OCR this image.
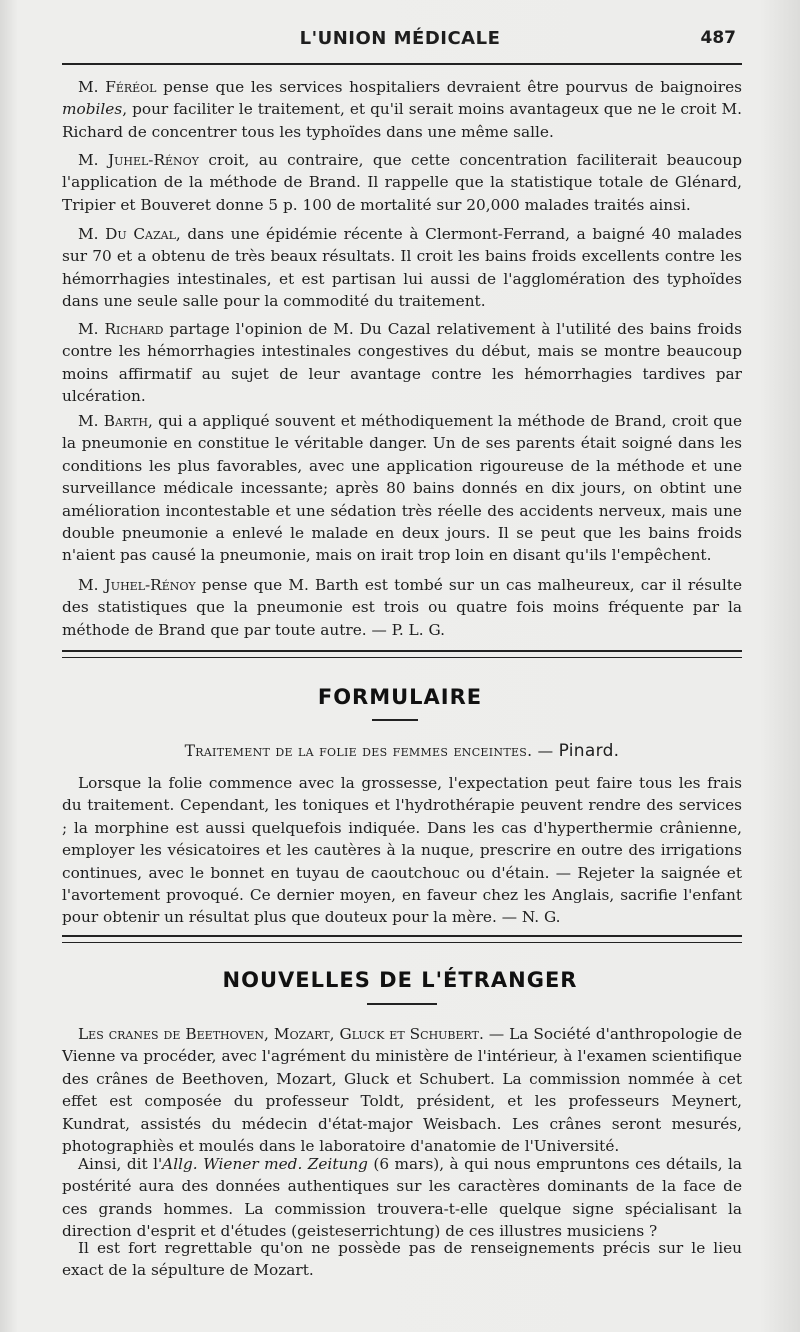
L'UNION MÉDICALE	487

M. Féréol pense que les services hospitaliers devraient être pourvus de baignoires mobiles, pour faciliter le traitement, et qu'il serait moins avantageux que ne le croit M. Richard de concentrer tous les typhoïdes dans une même salle.

M. Juhel-Rénoy croit, au contraire, que cette concentration faciliterait beaucoup l'application de la méthode de Brand. Il rappelle que la statistique totale de Glénard, Tripier et Bouveret donne 5 p. 100 de mortalité sur 20,000 malades traités ainsi.

M. Du Cazal, dans une épidémie récente à Clermont-Ferrand, a baigné 40 malades sur 70 et a obtenu de très beaux résultats. Il croit les bains froids excellents contre les hémorrhagies intestinales, et est partisan lui aussi de l'agglomération des typhoïdes dans une seule salle pour la commodité du traitement.

M. Richard partage l'opinion de M. Du Cazal relativement à l'utilité des bains froids contre les hémorrhagies intestinales congestives du début, mais se montre beaucoup moins affirmatif au sujet de leur avantage contre les hémorrhagies tardives par ulcération.

M. Barth, qui a appliqué souvent et méthodiquement la méthode de Brand, croit que la pneumonie en constitue le véritable danger. Un de ses parents était soigné dans les conditions les plus favorables, avec une application rigoureuse de la méthode et une surveillance médicale incessante; après 80 bains donnés en dix jours, on obtint une amélioration incontestable et une sédation très réelle des accidents nerveux, mais une double pneumonie a enlevé le malade en deux jours. Il se peut que les bains froids n'aient pas causé la pneumonie, mais on irait trop loin en disant qu'ils l'empêchent.

M. Juhel-Rénoy pense que M. Barth est tombé sur un cas malheureux, car il résulte des statistiques que la pneumonie est trois ou quatre fois moins fréquente par la méthode de Brand que par toute autre. — P. L. G.

FORMULAIRE
Traitement de la folie des femmes enceintes. — Pinard.

Lorsque la folie commence avec la grossesse, l'expectation peut faire tous les frais du traitement. Cependant, les toniques et l'hydrothérapie peuvent rendre des services ; la morphine est aussi quelquefois indiquée. Dans les cas d'hyperthermie crânienne, employer les vésicatoires et les cautères à la nuque, prescrire en outre des irrigations continues, avec le bonnet en tuyau de caoutchouc ou d'étain. — Rejeter la saignée et l'avortement provoqué. Ce dernier moyen, en faveur chez les Anglais, sacrifie l'enfant pour obtenir un résultat plus que douteux pour la mère. — N. G.

NOUVELLES DE L'ÉTRANGER

Les cranes de Beethoven, Mozart, Gluck et Schubert. — La Société d'anthropologie de Vienne va procéder, avec l'agrément du ministère de l'intérieur, à l'examen scientifique des crânes de Beethoven, Mozart, Gluck et Schubert. La commission nommée à cet effet est composée du professeur Toldt, président, et les professeurs Meynert, Kundrat, assistés du médecin d'état-major Weisbach. Les crânes seront mesurés, photographiès et moulés dans le laboratoire d'anatomie de l'Université.

Ainsi, dit l'Allg. Wiener med. Zeitung (6 mars), à qui nous empruntons ces détails, la postérité aura des données authentiques sur les caractères dominants de la face de ces grands hommes. La commission trouvera-t-elle quelque signe spécialisant la direction d'esprit et d'études (geisteserrichtung) de ces illustres musiciens ?

Il est fort regrettable qu'on ne possède pas de renseignements précis sur le lieu exact de la sépulture de Mozart.
